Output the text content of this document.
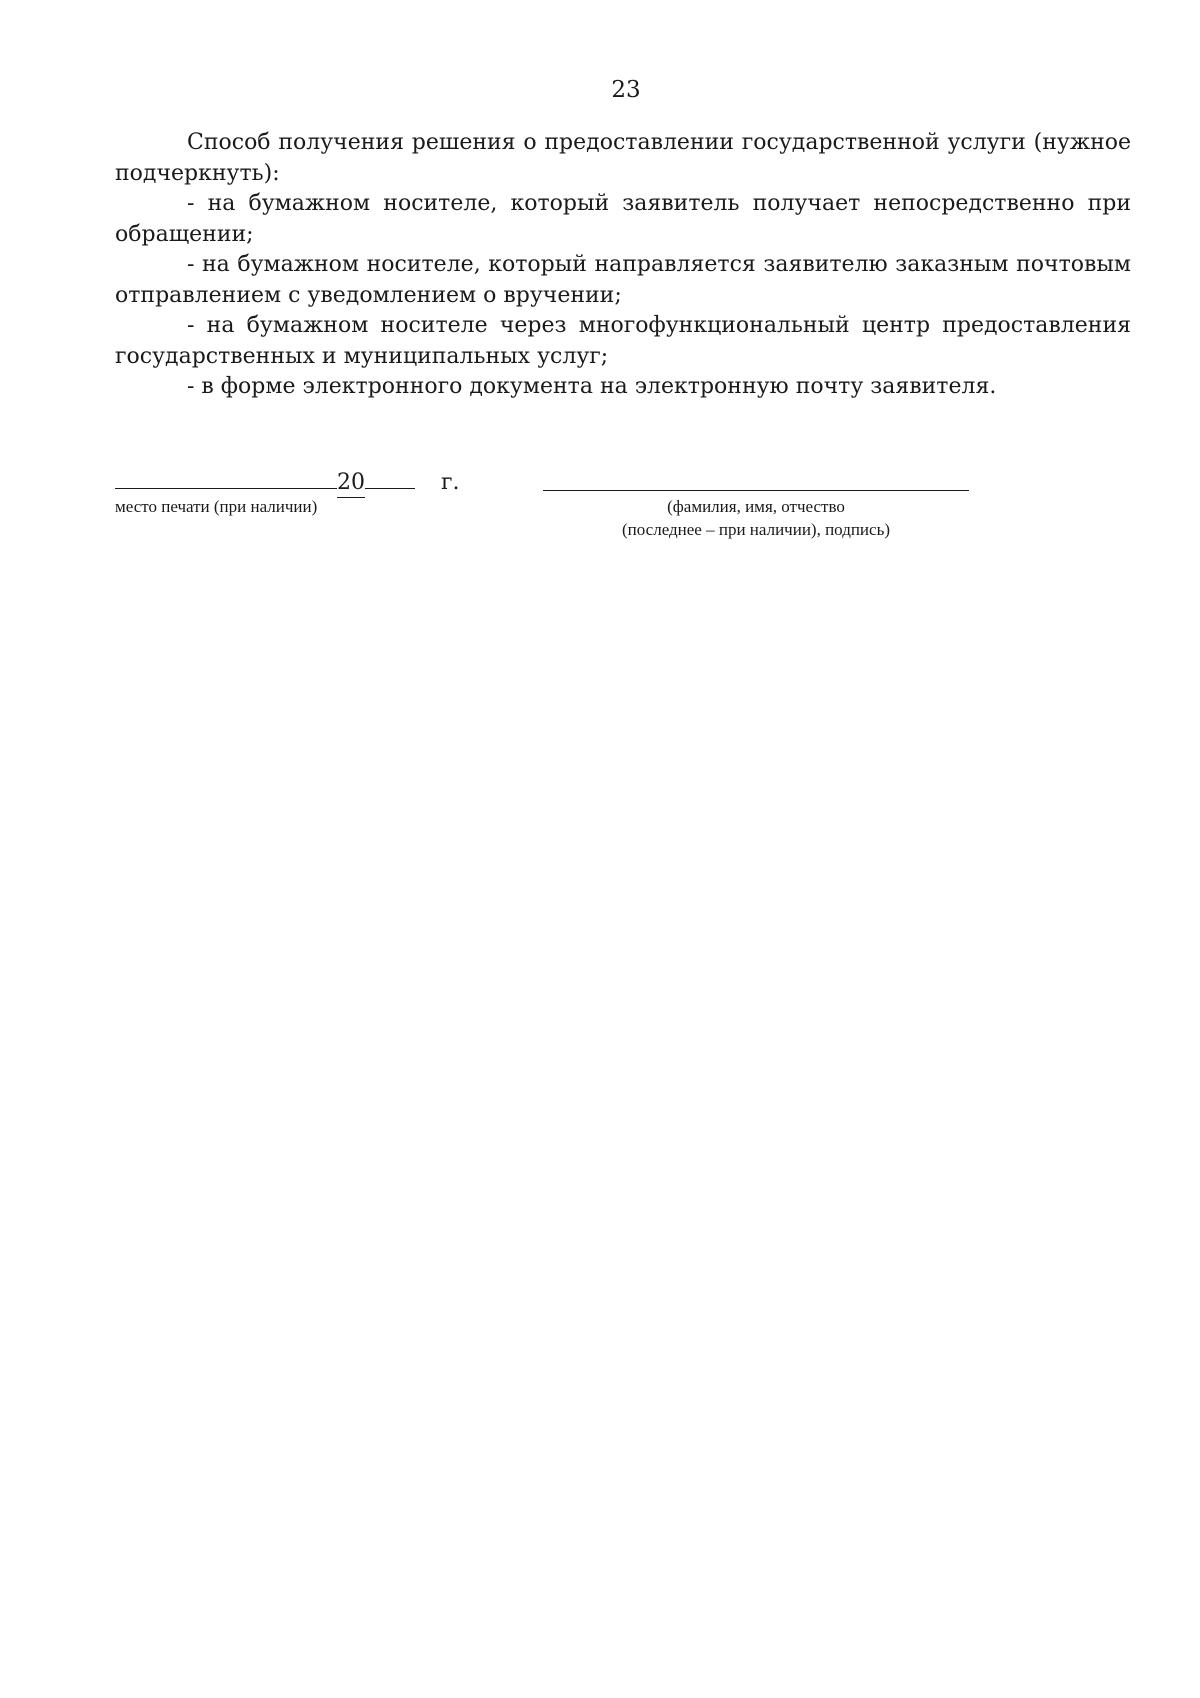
23

Способ получения решения о предоставлении государственной услуги (нужное подчеркнуть):

- на бумажном носителе, который заявитель получает непосредственно при обращении;

- на бумажном носителе, который направляется заявителю заказным почтовым отправлением с уведомлением о вручении;

- на бумажном носителе через многофункциональный центр предоставления государственных и муниципальных услуг;

- в форме электронного документа на электронную почту заявителя.

20	г.
место печати (при наличии)	(фамилия, имя, отчество
(последнее – при наличии), подпись)
